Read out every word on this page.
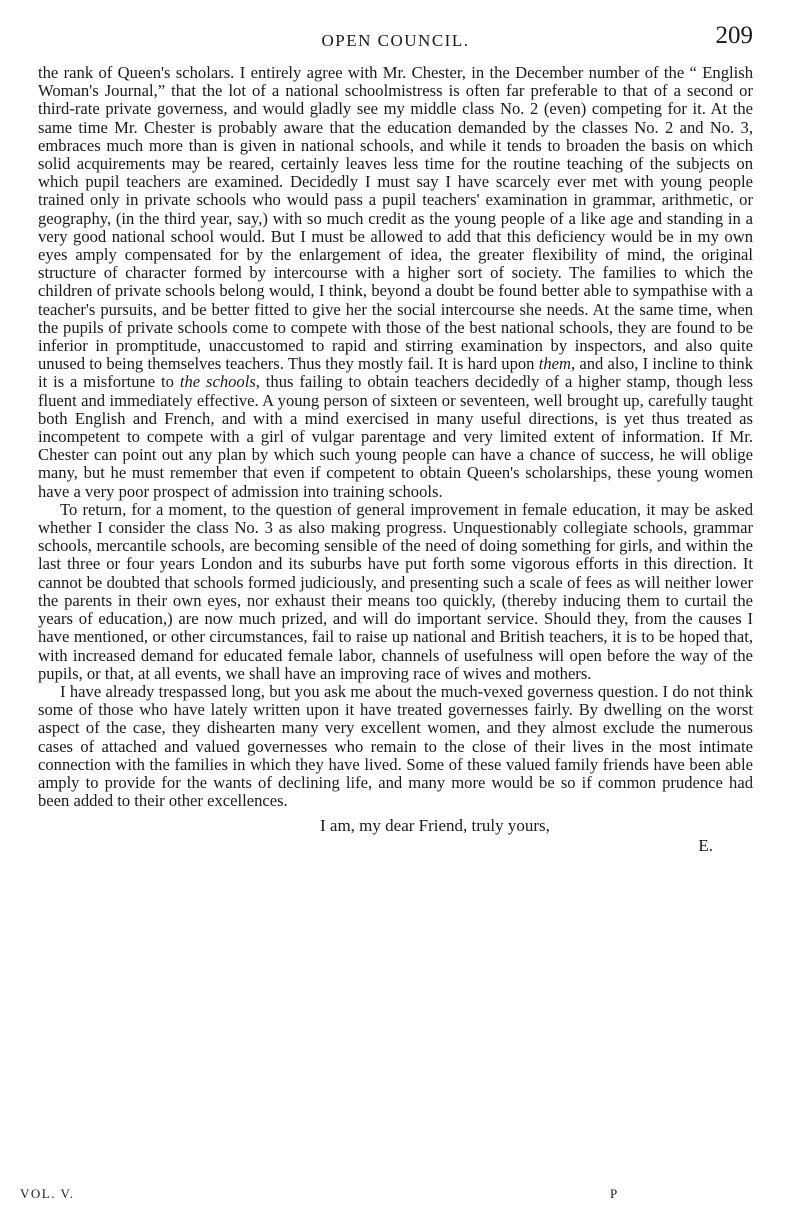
OPEN COUNCIL.	209

the rank of Queen's scholars. I entirely agree with Mr. Chester, in the December number of the “ English Woman's Journal,” that the lot of a national schoolmistress is often far preferable to that of a second or third-rate private governess, and would gladly see my middle class No. 2 (even) competing for it. At the same time Mr. Chester is probably aware that the education demanded by the classes No. 2 and No. 3, embraces much more than is given in national schools, and while it tends to broaden the basis on which solid acquirements may be reared, certainly leaves less time for the routine teaching of the subjects on which pupil teachers are examined. Decidedly I must say I have scarcely ever met with young people trained only in private schools who would pass a pupil teachers' examination in grammar, arithmetic, or geography, (in the third year, say,) with so much credit as the young people of a like age and standing in a very good national school would. But I must be allowed to add that this deficiency would be in my own eyes amply compensated for by the enlargement of idea, the greater flexibility of mind, the original structure of character formed by intercourse with a higher sort of society. The families to which the children of private schools belong would, I think, beyond a doubt be found better able to sympathise with a teacher's pursuits, and be better fitted to give her the social intercourse she needs. At the same time, when the pupils of private schools come to compete with those of the best national schools, they are found to be inferior in promptitude, unaccustomed to rapid and stirring examination by inspectors, and also quite unused to being themselves teachers. Thus they mostly fail. It is hard upon them, and also, I incline to think it is a misfortune to the schools, thus failing to obtain teachers decidedly of a higher stamp, though less fluent and immediately effective. A young person of sixteen or seventeen, well brought up, carefully taught both English and French, and with a mind exercised in many useful directions, is yet thus treated as incompetent to compete with a girl of vulgar parentage and very limited extent of information. If Mr. Chester can point out any plan by which such young people can have a chance of success, he will oblige many, but he must remember that even if competent to obtain Queen's scholarships, these young women have a very poor prospect of admission into training schools.

To return, for a moment, to the question of general improvement in female education, it may be asked whether I consider the class No. 3 as also making progress. Unquestionably collegiate schools, grammar schools, mercantile schools, are becoming sensible of the need of doing something for girls, and within the last three or four years London and its suburbs have put forth some vigorous efforts in this direction. It cannot be doubted that schools formed judiciously, and presenting such a scale of fees as will neither lower the parents in their own eyes, nor exhaust their means too quickly, (thereby inducing them to curtail the years of education,) are now much prized, and will do important service. Should they, from the causes I have mentioned, or other circumstances, fail to raise up national and British teachers, it is to be hoped that, with increased demand for educated female labor, channels of usefulness will open before the way of the pupils, or that, at all events, we shall have an improving race of wives and mothers.

I have already trespassed long, but you ask me about the much-vexed governess question. I do not think some of those who have lately written upon it have treated governesses fairly. By dwelling on the worst aspect of the case, they dishearten many very excellent women, and they almost exclude the numerous cases of attached and valued governesses who remain to the close of their lives in the most intimate connection with the families in which they have lived. Some of these valued family friends have been able amply to provide for the wants of declining life, and many more would be so if common prudence had been added to their other excellences.

I am, my dear Friend, truly yours,
E.
VOL. V.	P
